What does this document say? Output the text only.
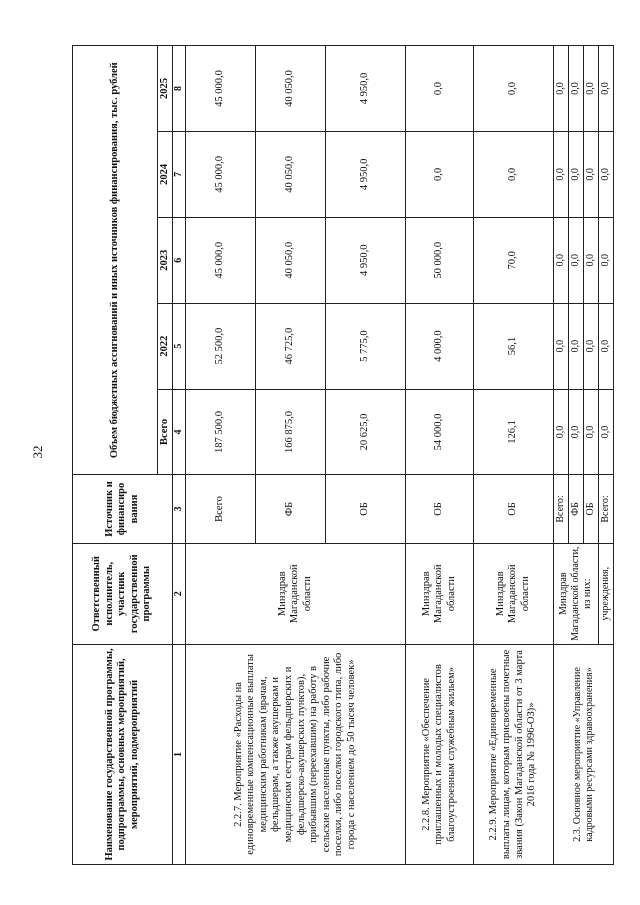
32
Наименование государственной программы, подпрограммы, основных мероприятий, мероприятий, подмероприятий	Ответственный исполнитель, участник государственной программы	Источник и финансиро вания	Объем бюджетных ассигнований и иных источников финансирования, тыс. рублей				
			Всего	2022	2023	2024	2025
1	2	3	4	5	6	7	8
2.2.7. Мероприятие «Расходы на единовременные компенсационные выплаты медицинским работникам (врачам, фельдшерам, а также акушеркам и медицинским сестрам фельдшерских и фельдшерско-акушерских пунктов), прибывшим (переехавшим) на работу в сельские населенные пункты, либо рабочие поселки, либо поселки городского типа, либо города с населением до 50 тысяч человек»	Минздрав Магаданской области	Всего	187 500,0	52 500,0	45 000,0	45 000,0	45 000,0
		ФБ	166 875,0	46 725,0	40 050,0	40 050,0	40 050,0
		ОБ	20 625,0	5 775,0	4 950,0	4 950,0	4 950,0
2.2.8. Мероприятие «Обеспечение приглашенных и молодых специалистов благоустроенным служебным жильем»	Минздрав Магаданской области	ОБ	54 000,0	4 000,0	50 000,0	0,0	0,0
2.2.9. Мероприятие «Единовременные выплаты лицам, которым присвоены почетные звания (Закон Магаданской области от 3 марта 2016 года № 1996-ОЗ)»	Минздрав Магаданской области	ОБ	126,1	56,1	70,0	0,0	0,0
2.3. Основное мероприятие «Управление кадровыми ресурсами здравоохранения»	Минздрав Магаданской области, из них:	Всего:	0,0	0,0	0,0	0,0	0,0
		ФБ	0,0	0,0	0,0	0,0	0,0
		ОБ	0,0	0,0	0,0	0,0	0,0
	учреждения,	Всего:	0,0	0,0	0,0	0,0	0,0
